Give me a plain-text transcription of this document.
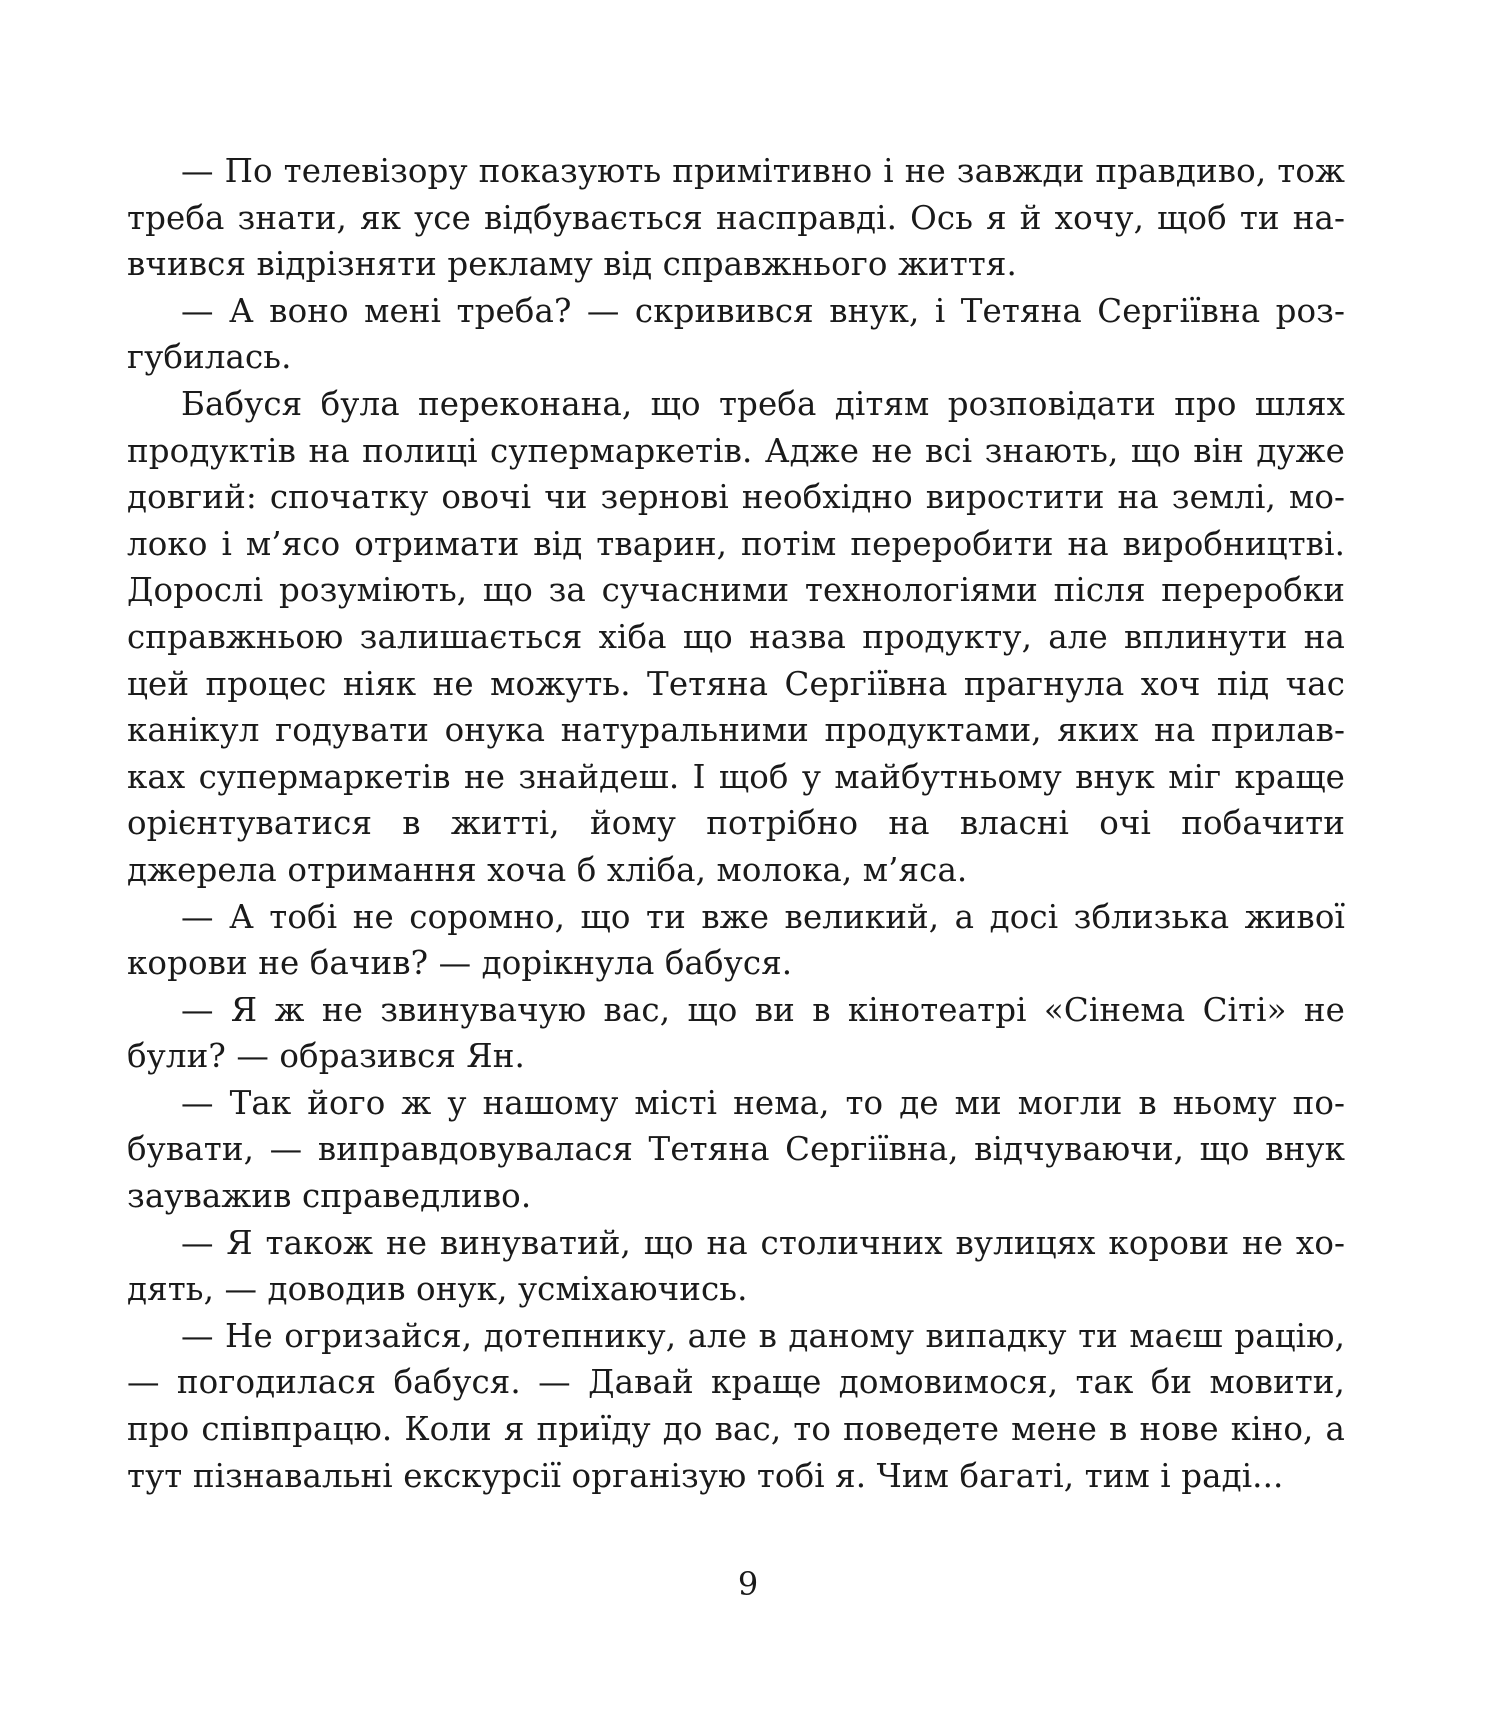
— По телевізору показують примітивно і не завжди правдиво, тож треба знати, як усе відбувається насправді. Ось я й хочу, щоб ти навчився відрізняти рекламу від справжнього життя.

— А воно мені треба? — скривився внук, і Тетяна Сергіївна розгубилась.

Бабуся була переконана, що треба дітям розповідати про шлях продуктів на полиці супермаркетів. Адже не всі знають, що він дуже довгий: спочатку овочі чи зернові необхідно виростити на землі, молоко і м’ясо отримати від тварин, потім переробити на виробництві. Дорослі розуміють, що за сучасними технологіями після переробки справжньою залишається хіба що назва продукту, але вплинути на цей процес ніяк не можуть. Тетяна Сергіївна прагнула хоч під час канікул годувати онука натуральними продуктами, яких на прилавках супермаркетів не знайдеш. І щоб у майбутньому внук міг краще орієнтуватися в житті, йому потрібно на власні очі побачити джерела отримання хоча б хліба, молока, м’яса.

— А тобі не соромно, що ти вже великий, а досі зблизька живої корови не бачив? — дорікнула бабуся.

— Я ж не звинувачую вас, що ви в кінотеатрі «Сінема Сіті» не були? — образився Ян.

— Так його ж у нашому місті нема, то де ми могли в ньому побувати, — виправдовувалася Тетяна Сергіївна, відчуваючи, що внук зауважив справедливо.

— Я також не винуватий, що на столичних вулицях корови не ходять, — доводив онук, усміхаючись.

— Не огризайся, дотепнику, але в даному випадку ти маєш рацію, — погодилася бабуся. — Давай краще домовимося, так би мовити, про співпрацю. Коли я приїду до вас, то поведете мене в нове кіно, а тут пізнавальні екскурсії організую тобі я. Чим багаті, тим і раді...

9
